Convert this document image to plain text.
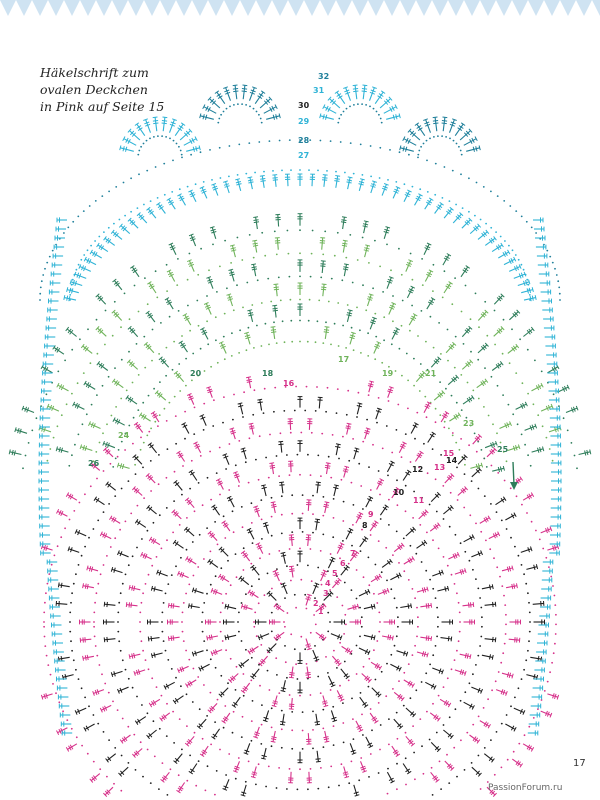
Häkelschrift zum
ovalen Deckchen
in Pink auf Seite 15
1
2
3
4
5
6
7
8
9
10
11
12 13
14
15
16
17
18	19
20	21
23
24
25
26
27
28
29
30
31
32
17
PassionForum.ru
